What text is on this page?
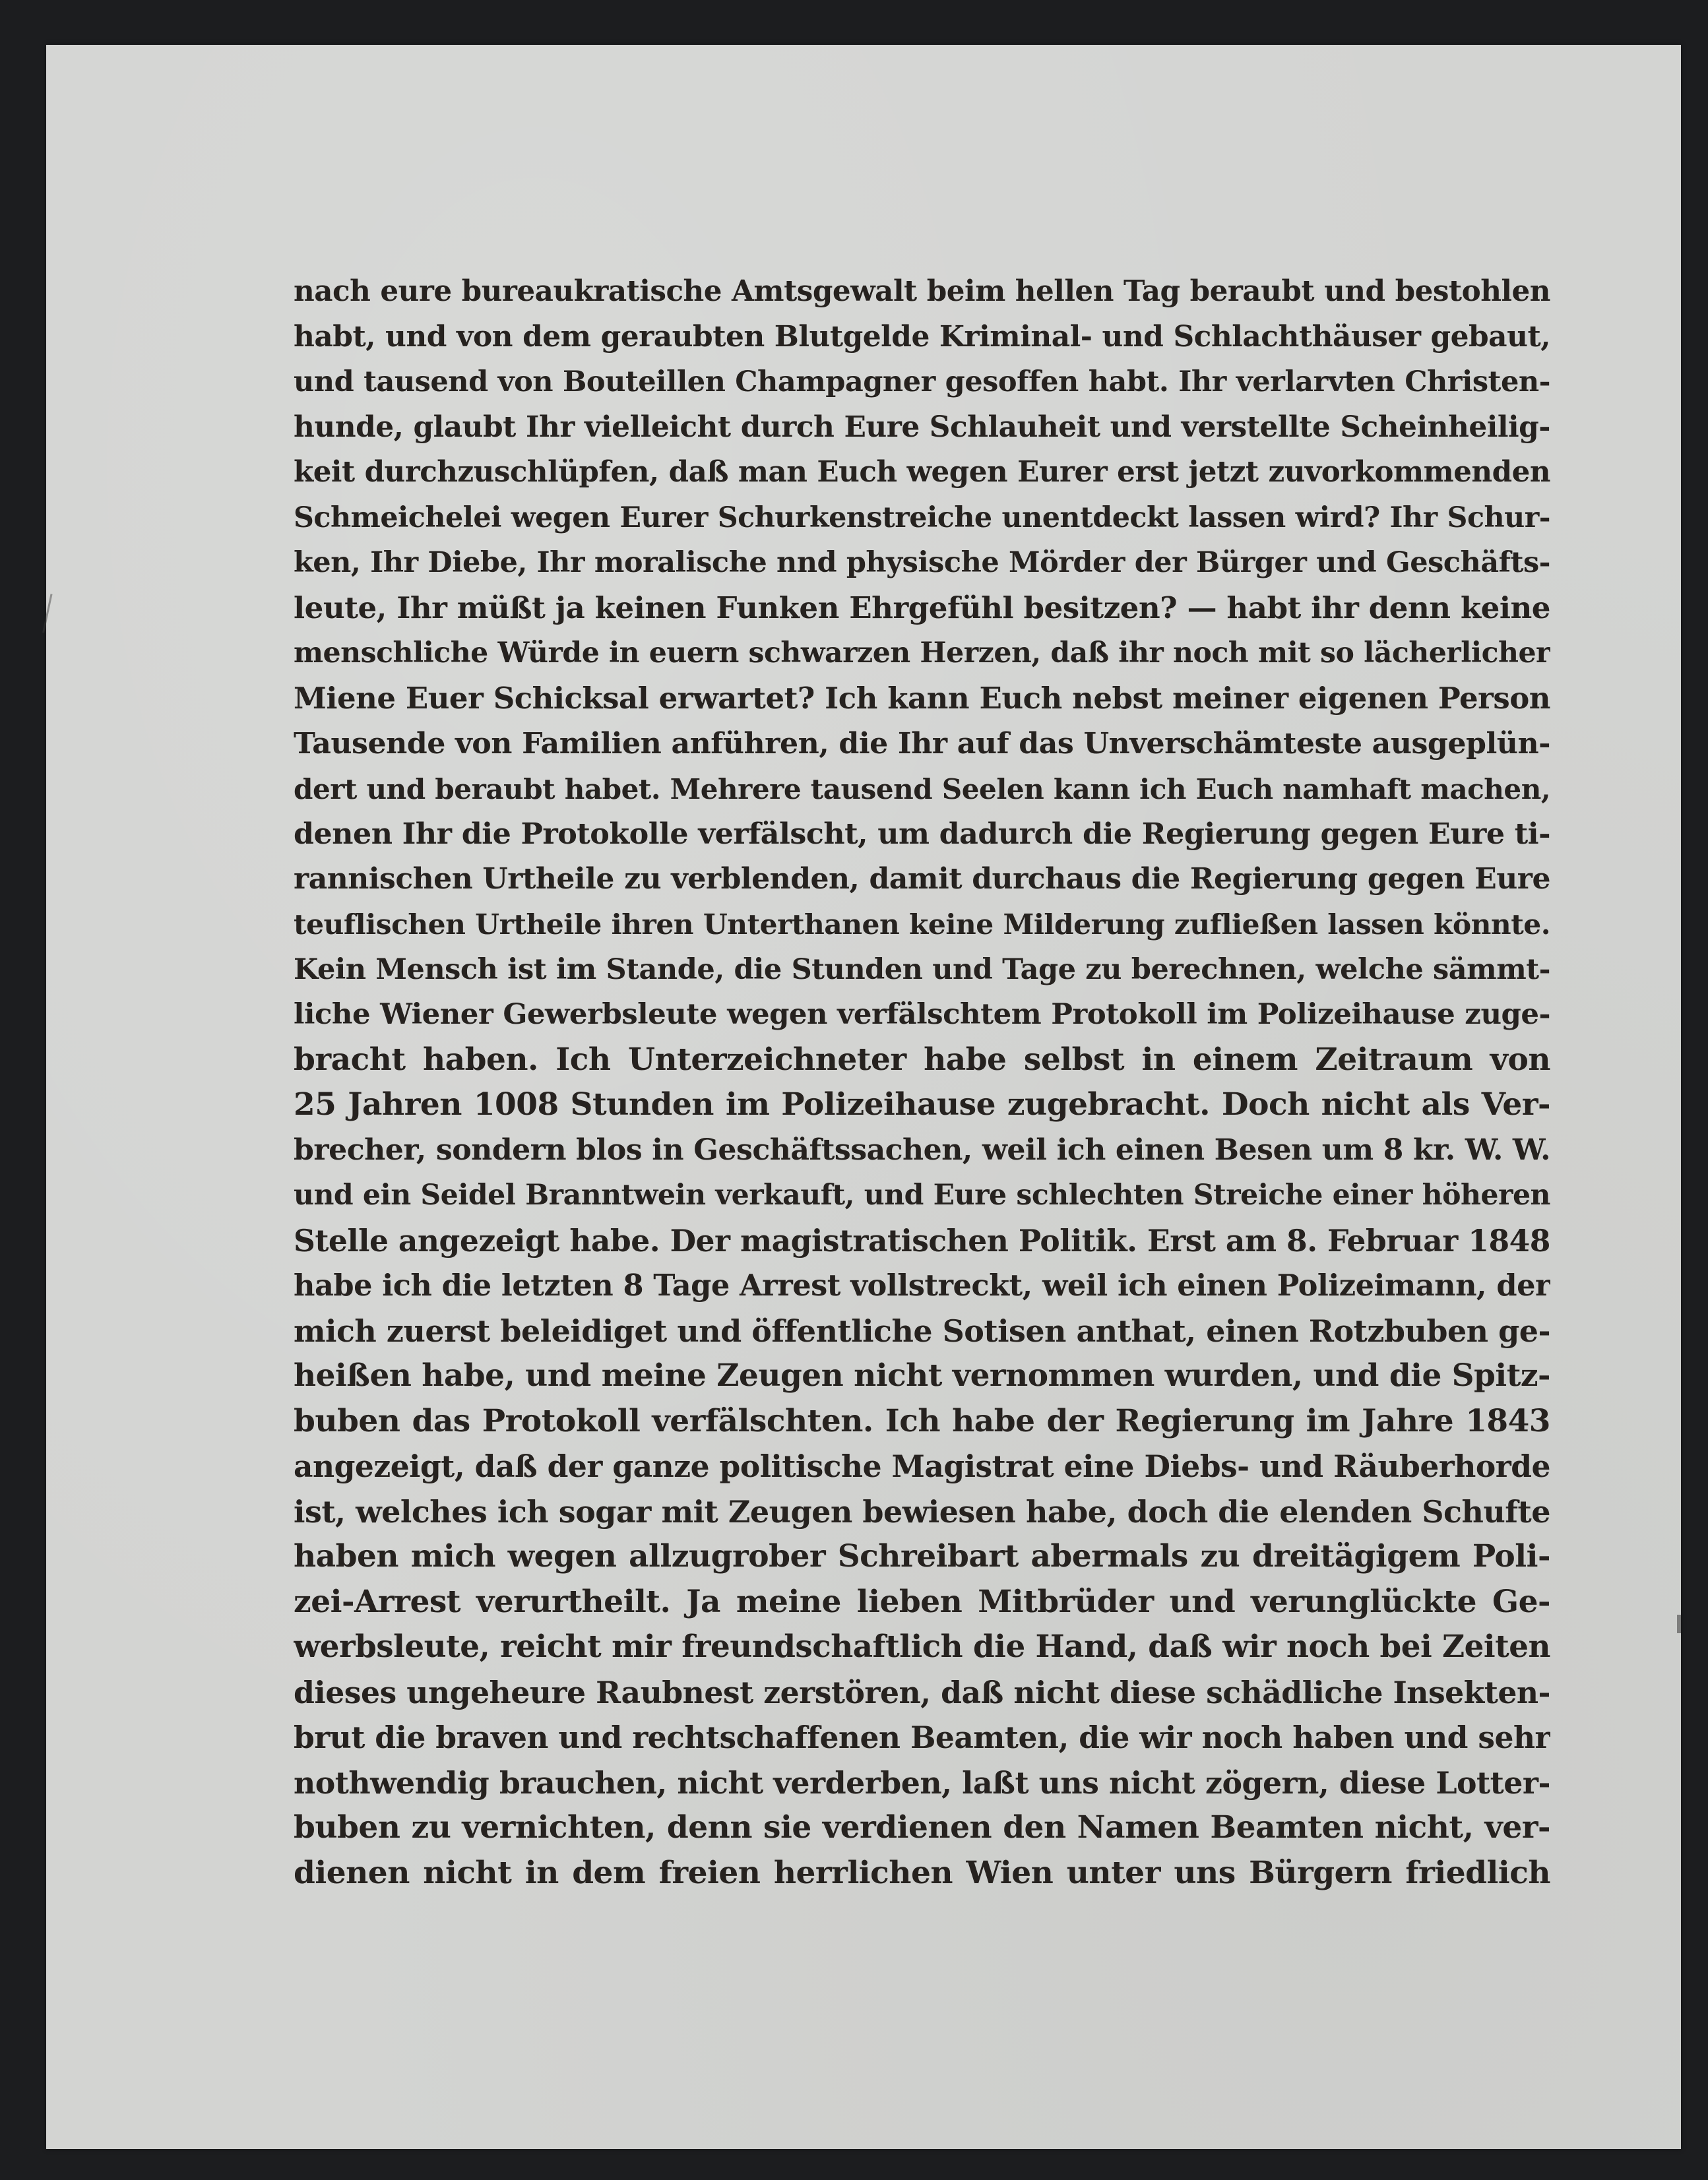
nach eure bureaukratische Amtsgewalt beim hellen Tag beraubt und bestohlen
habt, und von dem geraubten Blutgelde Kriminal- und Schlachthäuser gebaut,
und tausend von Bouteillen Champagner gesoffen habt. Ihr verlarvten Christen-
hunde, glaubt Ihr vielleicht durch Eure Schlauheit und verstellte Scheinheilig-
keit durchzuschlüpfen, daß man Euch wegen Eurer erst jetzt zuvorkommenden
Schmeichelei wegen Eurer Schurkenstreiche unentdeckt lassen wird? Ihr Schur-
ken, Ihr Diebe, Ihr moralische nnd physische Mörder der Bürger und Geschäfts-
leute, Ihr müßt ja keinen Funken Ehrgefühl besitzen? — habt ihr denn keine
menschliche Würde in euern schwarzen Herzen, daß ihr noch mit so lächerlicher
Miene Euer Schicksal erwartet? Ich kann Euch nebst meiner eigenen Person
Tausende von Familien anführen, die Ihr auf das Unverschämteste ausgeplün-
dert und beraubt habet. Mehrere tausend Seelen kann ich Euch namhaft machen,
denen Ihr die Protokolle verfälscht, um dadurch die Regierung gegen Eure ti-
rannischen Urtheile zu verblenden, damit durchaus die Regierung gegen Eure
teuflischen Urtheile ihren Unterthanen keine Milderung zufließen lassen könnte.
Kein Mensch ist im Stande, die Stunden und Tage zu berechnen, welche sämmt-
liche Wiener Gewerbsleute wegen verfälschtem Protokoll im Polizeihause zuge-
bracht haben. Ich Unterzeichneter habe selbst in einem Zeitraum von
25 Jahren 1008 Stunden im Polizeihause zugebracht. Doch nicht als Ver-
brecher, sondern blos in Geschäftssachen, weil ich einen Besen um 8 kr. W. W.
und ein Seidel Branntwein verkauft, und Eure schlechten Streiche einer höheren
Stelle angezeigt habe. Der magistratischen Politik. Erst am 8. Februar 1848
habe ich die letzten 8 Tage Arrest vollstreckt, weil ich einen Polizeimann, der
mich zuerst beleidiget und öffentliche Sotisen anthat, einen Rotzbuben ge-
heißen habe, und meine Zeugen nicht vernommen wurden, und die Spitz-
buben das Protokoll verfälschten. Ich habe der Regierung im Jahre 1843
angezeigt, daß der ganze politische Magistrat eine Diebs- und Räuberhorde
ist, welches ich sogar mit Zeugen bewiesen habe, doch die elenden Schufte
haben mich wegen allzugrober Schreibart abermals zu dreitägigem Poli-
zei-Arrest verurtheilt. Ja meine lieben Mitbrüder und verunglückte Ge-
werbsleute, reicht mir freundschaftlich die Hand, daß wir noch bei Zeiten
dieses ungeheure Raubnest zerstören, daß nicht diese schädliche Insekten-
brut die braven und rechtschaffenen Beamten, die wir noch haben und sehr
nothwendig brauchen, nicht verderben, laßt uns nicht zögern, diese Lotter-
buben zu vernichten, denn sie verdienen den Namen Beamten nicht, ver-
dienen nicht in dem freien herrlichen Wien unter uns Bürgern friedlich
